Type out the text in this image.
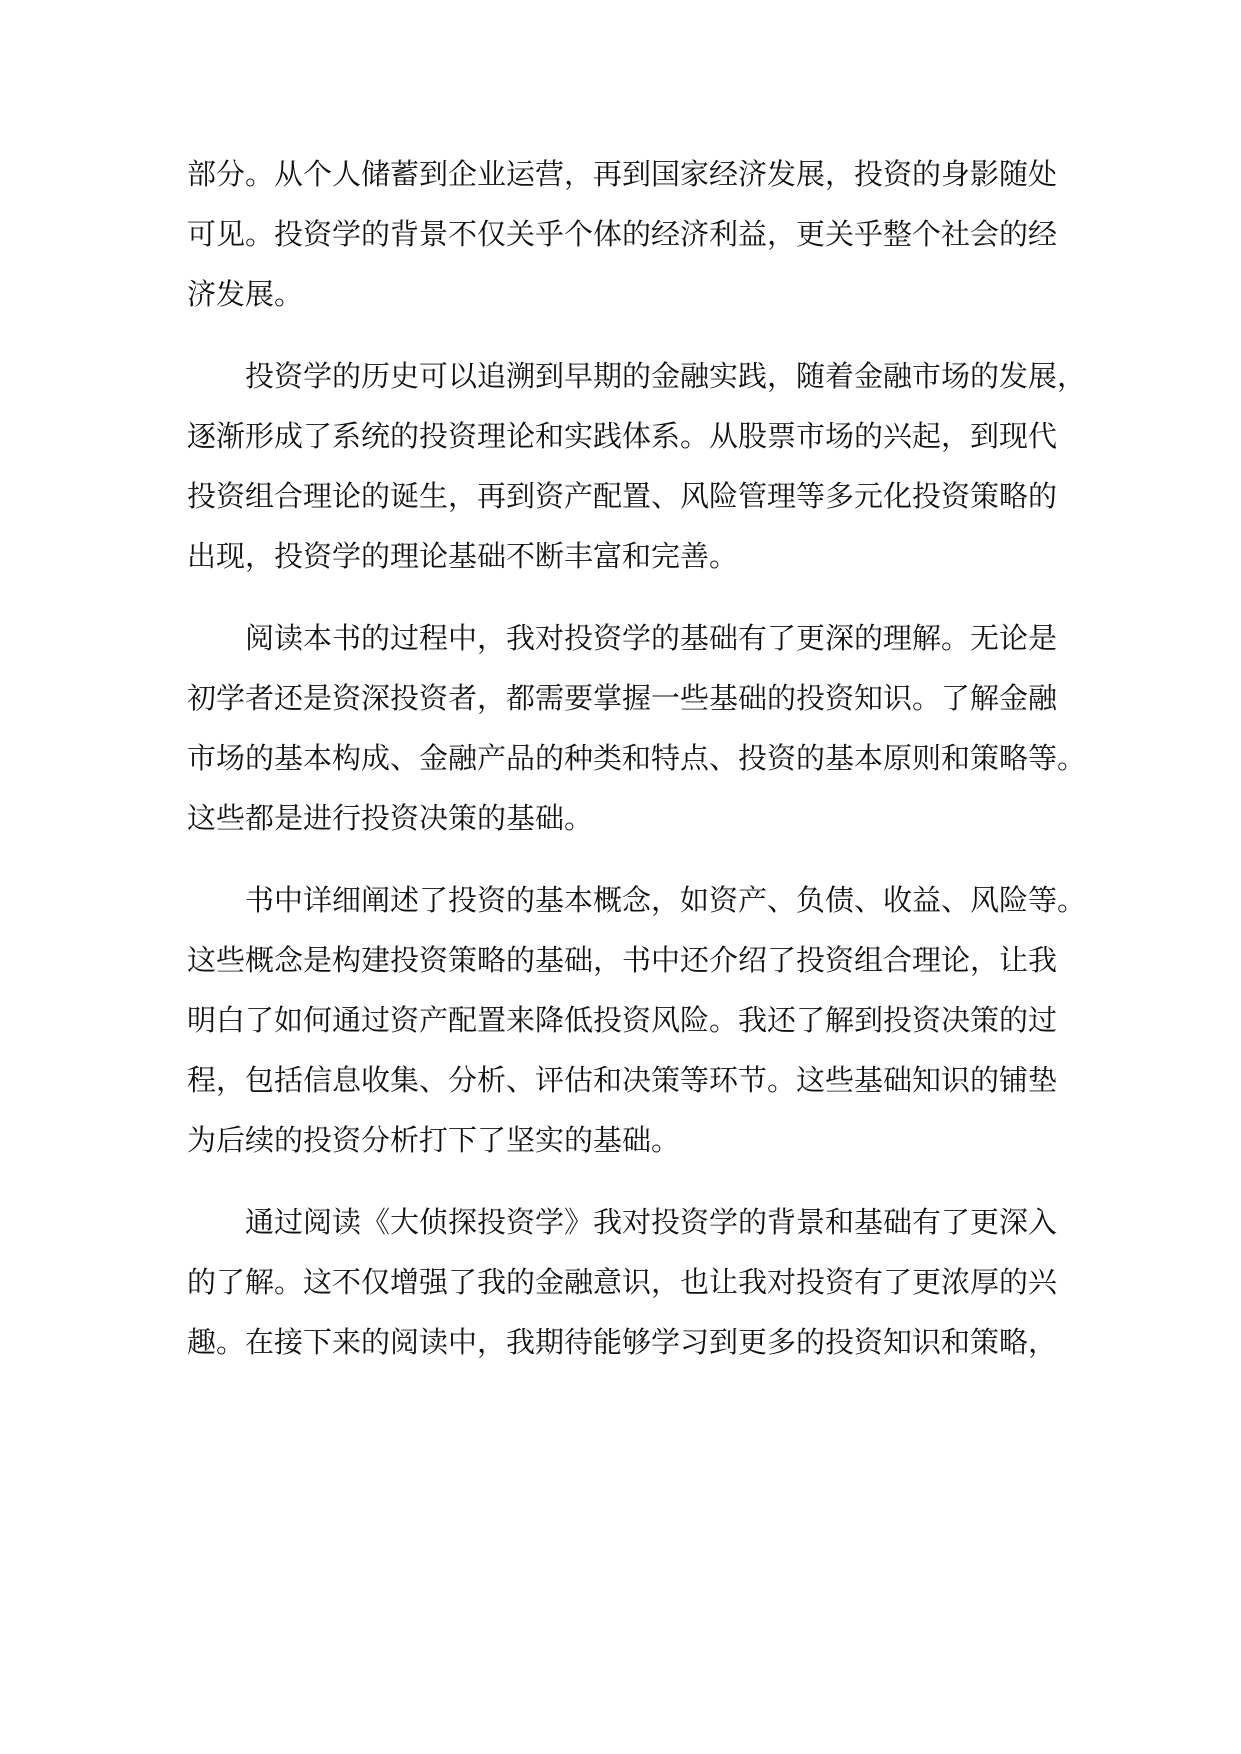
部分。从个人储蓄到企业运营，再到国家经济发展，投资的身影随处
可见。投资学的背景不仅关乎个体的经济利益，更关乎整个社会的经
济发展。
投资学的历史可以追溯到早期的金融实践，随着金融市场的发展，
逐渐形成了系统的投资理论和实践体系。从股票市场的兴起，到现代
投资组合理论的诞生，再到资产配置、风险管理等多元化投资策略的
出现，投资学的理论基础不断丰富和完善。
阅读本书的过程中，我对投资学的基础有了更深的理解。无论是
初学者还是资深投资者，都需要掌握一些基础的投资知识。了解金融
市场的基本构成、金融产品的种类和特点、投资的基本原则和策略等。
这些都是进行投资决策的基础。
书中详细阐述了投资的基本概念，如资产、负债、收益、风险等。
这些概念是构建投资策略的基础，书中还介绍了投资组合理论，让我
明白了如何通过资产配置来降低投资风险。我还了解到投资决策的过
程，包括信息收集、分析、评估和决策等环节。这些基础知识的铺垫
为后续的投资分析打下了坚实的基础。
通过阅读《大侦探投资学》我对投资学的背景和基础有了更深入
的了解。这不仅增强了我的金融意识，也让我对投资有了更浓厚的兴
趣。在接下来的阅读中，我期待能够学习到更多的投资知识和策略，
